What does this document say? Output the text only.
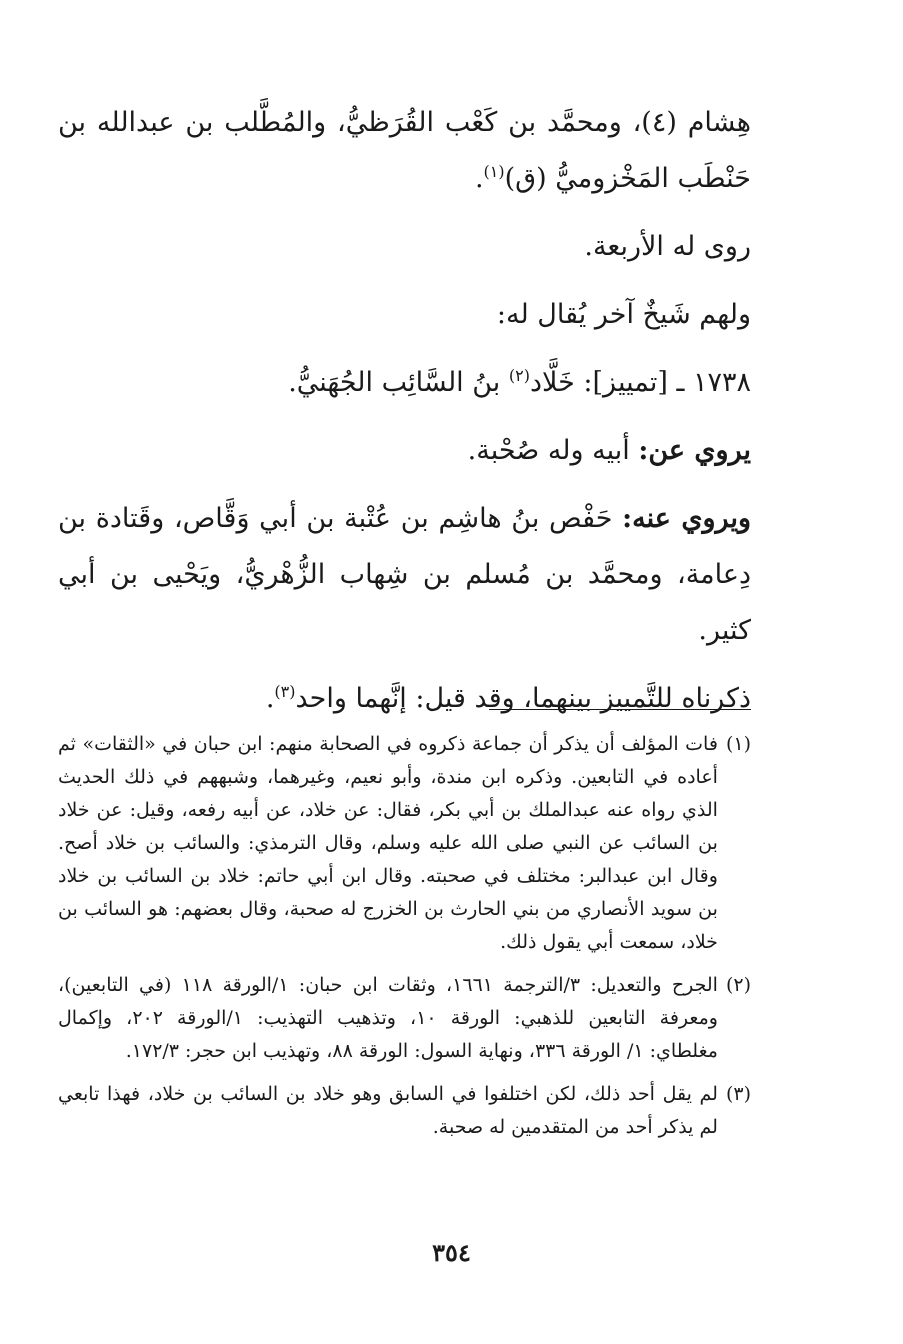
هِشام (٤)، ومحمَّد بن كَعْب القُرَظيُّ، والمُطَّلب بن عبدالله بن حَنْطَب المَخْزوميُّ (ق)$^{(١)}$.

روى له الأربعة.

ولهم شَيخٌ آخر يُقال له:

١٧٣٨ ـ [تمييز]: خَلَّاد$^{(٢)}$ بنُ السَّائِب الجُهَنيُّ.

يروي عن: أبيه وله صُحْبة.

ويروي عنه: حَفْص بنُ هاشِم بن عُتْبة بن أبي وَقَّاص، وقَتادة بن دِعامة، ومحمَّد بن مُسلم بن شِهاب الزُّهْريُّ، ويَحْيى بن أبي كثير.

ذكرناه للتَّمييز بينهما، وقد قيل: إنَّهما واحد$^{(٣)}$.

(١)
فات المؤلف أن يذكر أن جماعة ذكروه في الصحابة منهم: ابن حبان في «الثقات» ثم أعاده في التابعين. وذكره ابن مندة، وأبو نعيم، وغيرهما، وشبههم في ذلك الحديث الذي رواه عنه عبدالملك بن أبي بكر، فقال: عن خلاد، عن أبيه رفعه، وقيل: عن خلاد بن السائب عن النبي صلى الله عليه وسلم، وقال الترمذي: والسائب بن خلاد أصح. وقال ابن عبدالبر: مختلف في صحبته. وقال ابن أبي حاتم: خلاد بن السائب بن خلاد بن سويد الأنصاري من بني الحارث بن الخزرج له صحبة، وقال بعضهم: هو السائب بن خلاد، سمعت أبي يقول ذلك.
(٢)
الجرح والتعديل: ٣/الترجمة ١٦٦١، وثقات ابن حبان: ١/الورقة ١١٨ (في التابعين)، ومعرفة التابعين للذهبي: الورقة ١٠، وتذهيب التهذيب: ١/الورقة ٢٠٢، وإكمال مغلطاي: ١/ الورقة ٣٣٦، ونهاية السول: الورقة ٨٨، وتهذيب ابن حجر: ١٧٢/٣.
(٣)
لم يقل أحد ذلك، لكن اختلفوا في السابق وهو خلاد بن السائب بن خلاد، فهذا تابعي لم يذكر أحد من المتقدمين له صحبة.
٣٥٤
